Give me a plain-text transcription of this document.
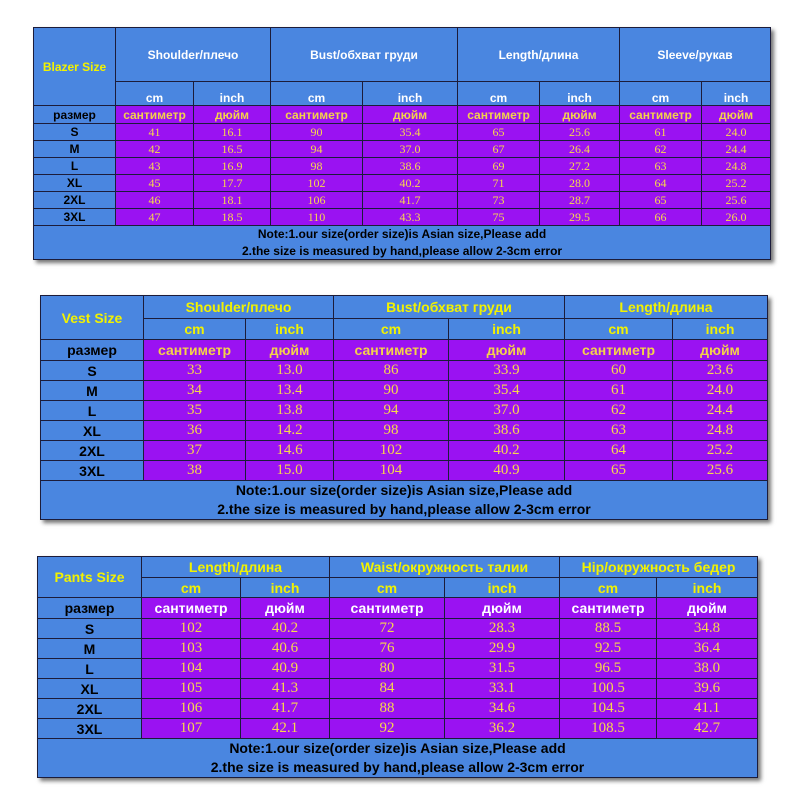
Blazer Size	Shoulder/плечо		Bust/обхват груди		Length/длина		Sleeve/рукав	
	cm	inch	cm	inch	cm	inch	cm	inch
размер	сантиметр	дюйм	сантиметр	дюйм	сантиметр	дюйм	сантиметр	дюйм
S	41	16.1	90	35.4	65	25.6	61	24.0
M	42	16.5	94	37.0	67	26.4	62	24.4
L	43	16.9	98	38.6	69	27.2	63	24.8
XL	45	17.7	102	40.2	71	28.0	64	25.2
2XL	46	18.1	106	41.7	73	28.7	65	25.6
3XL	47	18.5	110	43.3	75	29.5	66	26.0

Note:1.our size(order size)is Asian size,Please add
2.the size is measured by hand,please allow 2-3cm error								
Vest Size	Shoulder/плечо		Bust/обхват груди		Length/длина	
	cm	inch	cm	inch	cm	inch
размер	сантиметр	дюйм	сантиметр	дюйм	сантиметр	дюйм
S	33	13.0	86	33.9	60	23.6
M	34	13.4	90	35.4	61	24.0
L	35	13.8	94	37.0	62	24.4
XL	36	14.2	98	38.6	63	24.8
2XL	37	14.6	102	40.2	64	25.2
3XL	38	15.0	104	40.9	65	25.6

Note:1.our size(order size)is Asian size,Please add
2.the size is measured by hand,please allow 2-3cm error						
Pants Size	Length/длина		Waist/окружность талии		Hip/окружность бедер	
	cm	inch	cm	inch	cm	inch
размер	сантиметр	дюйм	сантиметр	дюйм	сантиметр	дюйм
S	102	40.2	72	28.3	88.5	34.8
M	103	40.6	76	29.9	92.5	36.4
L	104	40.9	80	31.5	96.5	38.0
XL	105	41.3	84	33.1	100.5	39.6
2XL	106	41.7	88	34.6	104.5	41.1
3XL	107	42.1	92	36.2	108.5	42.7

Note:1.our size(order size)is Asian size,Please add
2.the size is measured by hand,please allow 2-3cm error						
